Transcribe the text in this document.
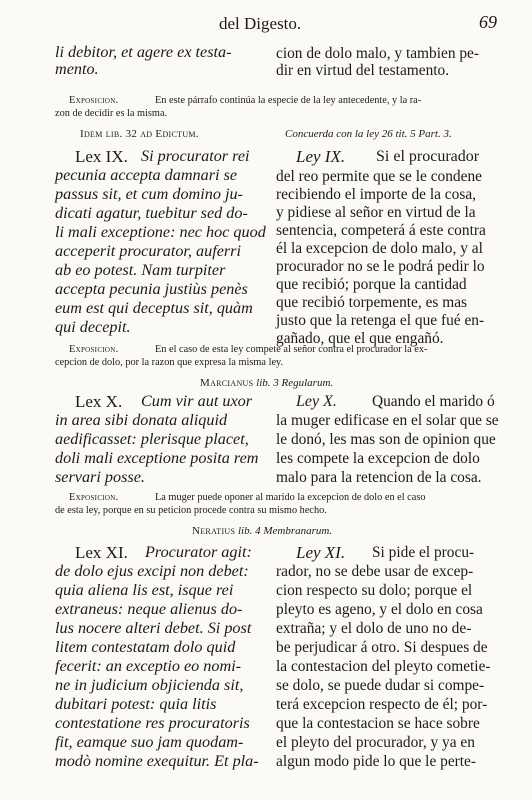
del Digesto.	69
li debitor, et agere ex testa-
mento.
cion de dolo malo, y tambien pe-
dir en virtud del testamento.
Exposicion.	En este párrafo continúa la especie de la ley antecedente, y la ra-
zon de decidir es la misma.
Idem lib. 32 ad Edictum.	Concuerda con la ley 26 tit. 5 Part. 3.
Lex IX. Si procurator rei
pecunia accepta damnari se
passus sit, et cum domino ju-
dicati agatur, tuebitur sed do-
li mali exceptione: nec hoc quod
acceperit procurator, auferri
ab eo potest. Nam turpiter
accepta pecunia justiùs penès
eum est qui deceptus sit, quàm
qui decepit.
Ley IX. Si el procurador
del reo permite que se le condene
recibiendo el importe de la cosa,
y pidiese al señor en virtud de la
sentencia, competerá á este contra
él la excepcion de dolo malo, y al
procurador no se le podrá pedir lo
que recibió; porque la cantidad
que recibió torpemente, es mas
justo que la retenga el que fué en-
gañado, que el que engañó.
Exposicion.	En el caso de esta ley compete al señor contra el procurador la ex-
cepcion de dolo, por la razon que expresa la misma ley.
Marcianus lib. 3 Regularum.
Lex X. Cum vir aut uxor
in area sibi donata aliquid
aedificasset: plerisque placet,
doli mali exceptione posita rem
servari posse.
Ley X. Quando el marido ó
la muger edificase en el solar que se
le donó, les mas son de opinion que
les compete la excepcion de dolo
malo para la retencion de la cosa.
Exposicion.	La muger puede oponer al marido la excepcion de dolo en el caso
de esta ley, porque en su peticion procede contra su mismo hecho.
Neratius lib. 4 Membranarum.
Lex XI. Procurator agit:
de dolo ejus excipi non debet:
quia aliena lis est, isque rei
extraneus: neque alienus do-
lus nocere alteri debet. Si post
litem contestatam dolo quid
fecerit: an exceptio eo nomi-
ne in judicium objicienda sit,
dubitari potest: quia litis
contestatione res procuratoris
fit, eamque suo jam quodam-
modò nomine exequitur. Et pla-
Ley XI. Si pide el procu-
rador, no se debe usar de excep-
cion respecto su dolo; porque el
pleyto es ageno, y el dolo en cosa
extraña; y el dolo de uno no de-
be perjudicar á otro. Si despues de
la contestacion del pleyto cometie-
se dolo, se puede dudar si compe-
terá excepcion respecto de él; por-
que la contestacion se hace sobre
el pleyto del procurador, y ya en
algun modo pide lo que le perte-
